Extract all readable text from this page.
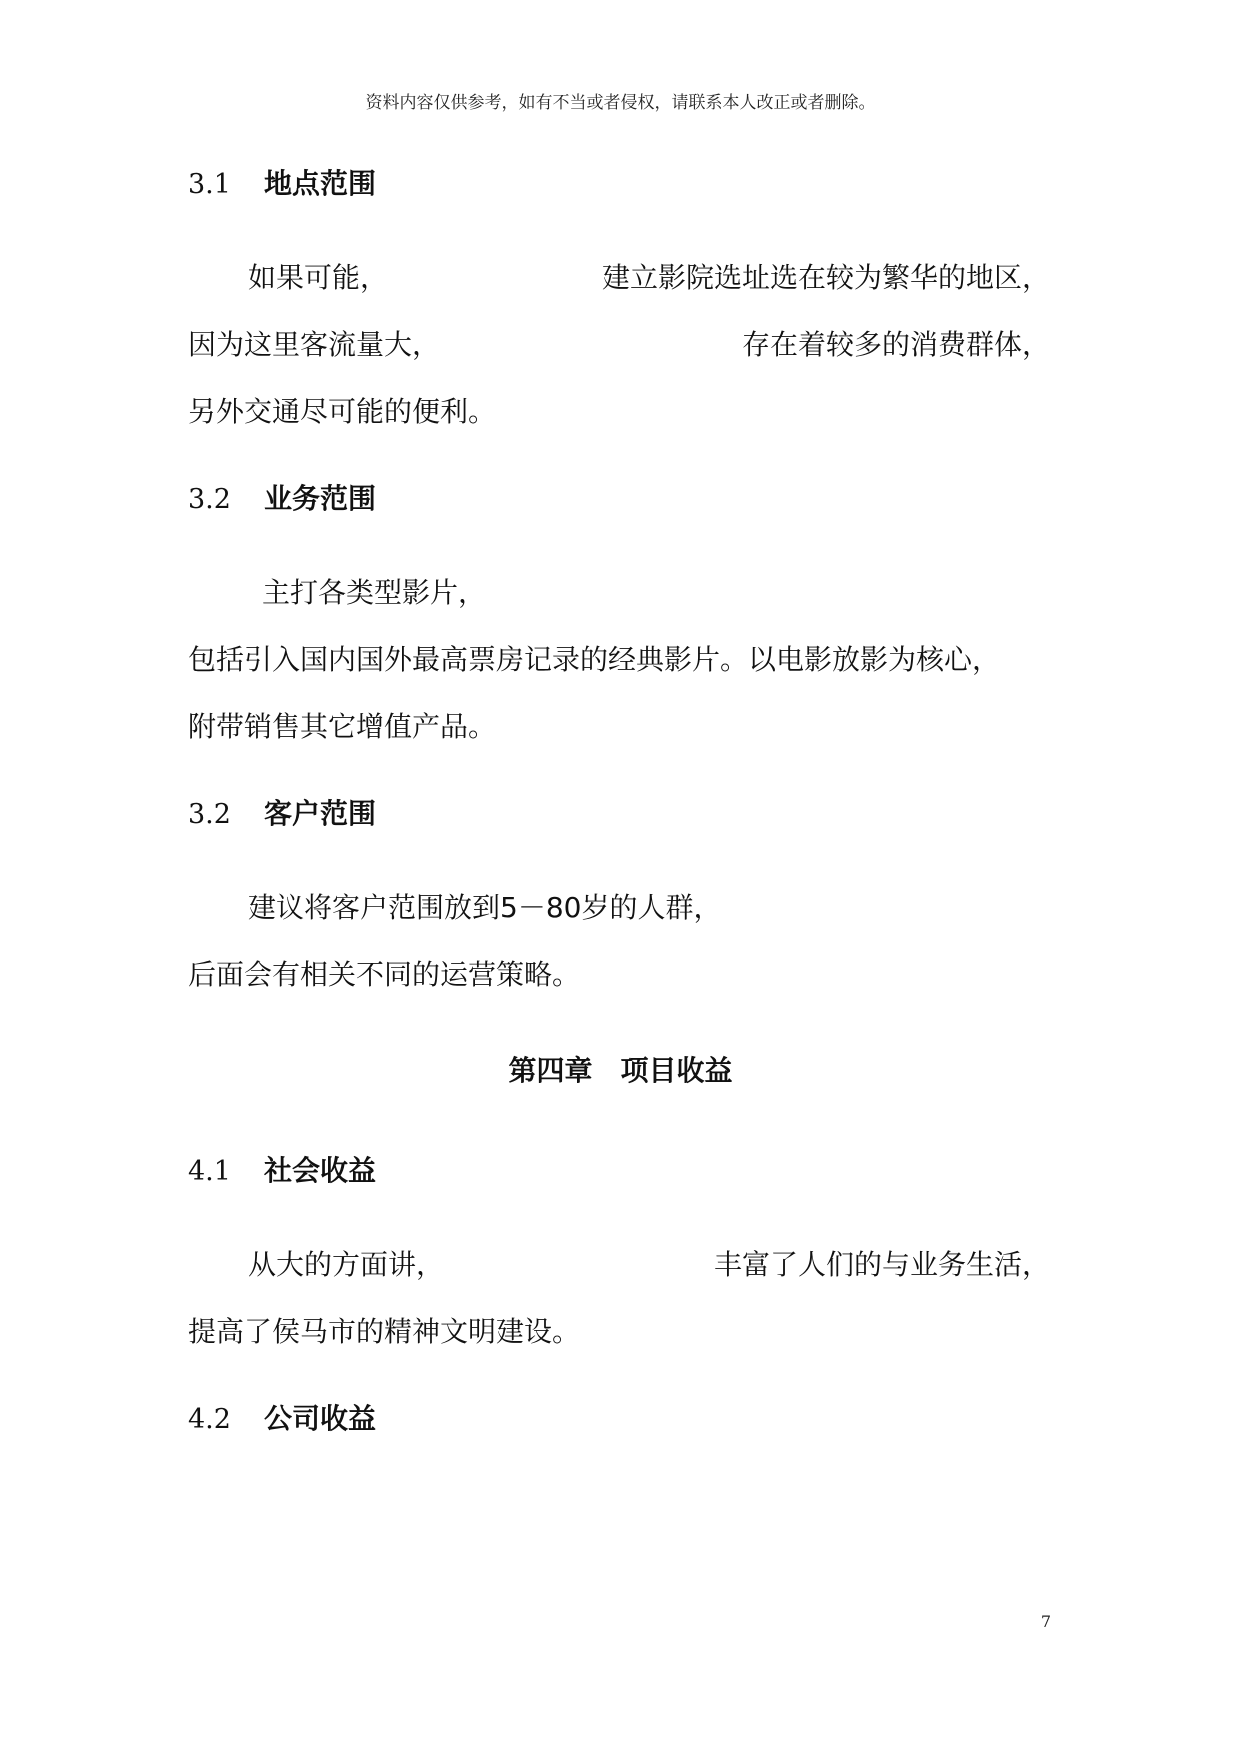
资料内容仅供参考，如有不当或者侵权，请联系本人改正或者删除。
3.1 地点范围
如果可能，	建立影院选址选在较为繁华的地区，
因为这里客流量大，	存在着较多的消费群体，
另外交通尽可能的便利。
3.2 业务范围
主打各类型影片，
包括引入国内国外最高票房记录的经典影片。以电影放影为核心，
附带销售其它增值产品。
3.2 客户范围
建议将客户范围放到5－80岁的人群，
后面会有相关不同的运营策略。
第四章　项目收益
4.1 社会收益
从大的方面讲，	丰富了人们的与业务生活，
提高了侯马市的精神文明建设。
4.2 公司收益
7
